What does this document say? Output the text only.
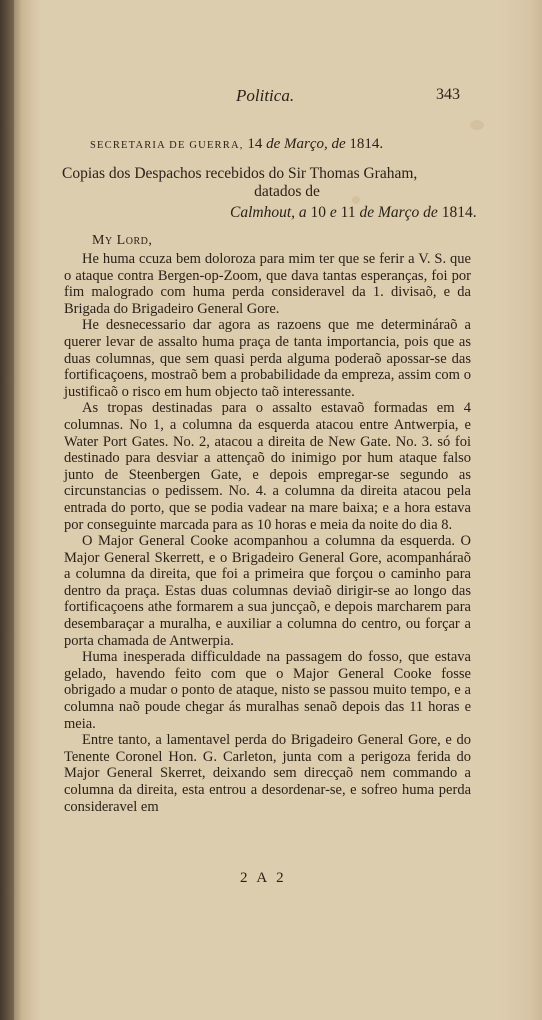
Politica.	343
SECRETARIA DE GUERRA, 14 de Março, de 1814.
Copias dos Despachos recebidos do Sir Thomas Graham,
datados de
Calmhout, a 10 e 11 de Março de 1814.
My Lord,

He huma ccuza bem doloroza para mim ter que se ferir a V. S. que o ataque contra Bergen-op-Zoom, que dava tantas esperanças, foi por fim malogrado com huma perda consideravel da 1. divisaõ, e da Brigada do Brigadeiro General Gore.

He desnecessario dar agora as razoens que me determináraõ a querer levar de assalto huma praça de tanta importancia, pois que as duas columnas, que sem quasi perda alguma poderaõ apossar-se das fortificaçoens, mostraõ bem a probabilidade da empreza, assim com o justificaõ o risco em hum objecto taõ interessante.

As tropas destinadas para o assalto estavaõ formadas em 4 columnas. No 1, a columna da esquerda atacou entre Antwerpia, e Water Port Gates. No. 2, atacou a direita de New Gate. No. 3. só foi destinado para desviar a attençaõ do inimigo por hum ataque falso junto de Steenbergen Gate, e depois empregar-se segundo as circunstancias o pedissem. No. 4. a columna da direita atacou pela entrada do porto, que se podia vadear na mare baixa; e a hora estava por conseguinte marcada para as 10 horas e meia da noite do dia 8.

O Major General Cooke acompanhou a columna da esquerda. O Major General Skerrett, e o Brigadeiro General Gore, acompanháraõ a columna da direita, que foi a primeira que forçou o caminho para dentro da praça. Estas duas columnas deviaõ dirigir-se ao longo das fortificaçoens athe formarem a sua juncçaõ, e depois marcharem para desembaraçar a muralha, e auxiliar a columna do centro, ou forçar a porta chamada de Antwerpia.

Huma inesperada difficuldade na passagem do fosso, que estava gelado, havendo feito com que o Major General Cooke fosse obrigado a mudar o ponto de ataque, nisto se passou muito tempo, e a columna naõ poude chegar ás muralhas senaõ depois das 11 horas e meia.

Entre tanto, a lamentavel perda do Brigadeiro General Gore, e do Tenente Coronel Hon. G. Carleton, junta com a perigoza ferida do Major General Skerret, deixando sem direcçaõ nem commando a columna da direita, esta entrou a desordenar-se, e sofreo huma perda consideravel em

2 A 2
